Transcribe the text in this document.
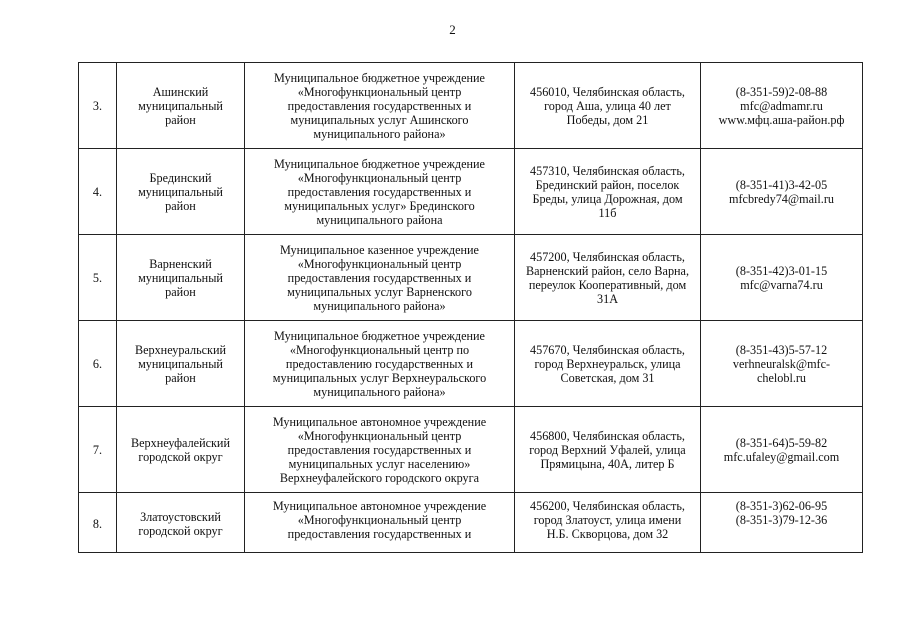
2
3.	Ашинский
муниципальный
район	Муниципальное бюджетное учреждение
«Многофункциональный центр
предоставления государственных и
муниципальных услуг Ашинского
муниципального района»	456010, Челябинская область,
город Аша, улица 40 лет
Победы, дом 21	(8-351-59)2-08-88
mfc@admamr.ru
www.мфц.аша-район.рф

4.	Брединский
муниципальный
район	Муниципальное бюджетное учреждение
«Многофункциональный центр
предоставления государственных и
муниципальных услуг» Брединского
муниципального района	457310, Челябинская область,
Брединский район, поселок
Бреды, улица Дорожная, дом
11б	(8-351-41)3-42-05
mfcbredy74@mail.ru

5.	Варненский
муниципальный
район	Муниципальное казенное учреждение
«Многофункциональный центр
предоставления государственных и
муниципальных услуг Варненского
муниципального района»	457200, Челябинская область,
Варненский район, село Варна,
переулок Кооперативный, дом
31А	(8-351-42)3-01-15
mfc@varna74.ru

6.	Верхнеуральский
муниципальный
район	Муниципальное бюджетное учреждение
«Многофункциональный центр по
предоставлению государственных и
муниципальных услуг Верхнеуральского
муниципального района»	457670, Челябинская область,
город Верхнеуральск, улица
Советская, дом 31	(8-351-43)5-57-12
verhneuralsk@mfc-
chelobl.ru

7.	Верхнеуфалейский
городской округ	Муниципальное автономное учреждение
«Многофункциональный центр
предоставления государственных и
муниципальных услуг населению»
Верхнеуфалейского городского округа	456800, Челябинская область,
город Верхний Уфалей, улица
Прямицына, 40А, литер Б	(8-351-64)5-59-82
mfc.ufaley@gmail.com

8.	Златоустовский
городской округ	Муниципальное автономное учреждение
«Многофункциональный центр
предоставления государственных и	456200, Челябинская область,
город Златоуст, улица имени
Н.Б. Скворцова, дом 32	(8-351-3)62-06-95
(8-351-3)79-12-36
